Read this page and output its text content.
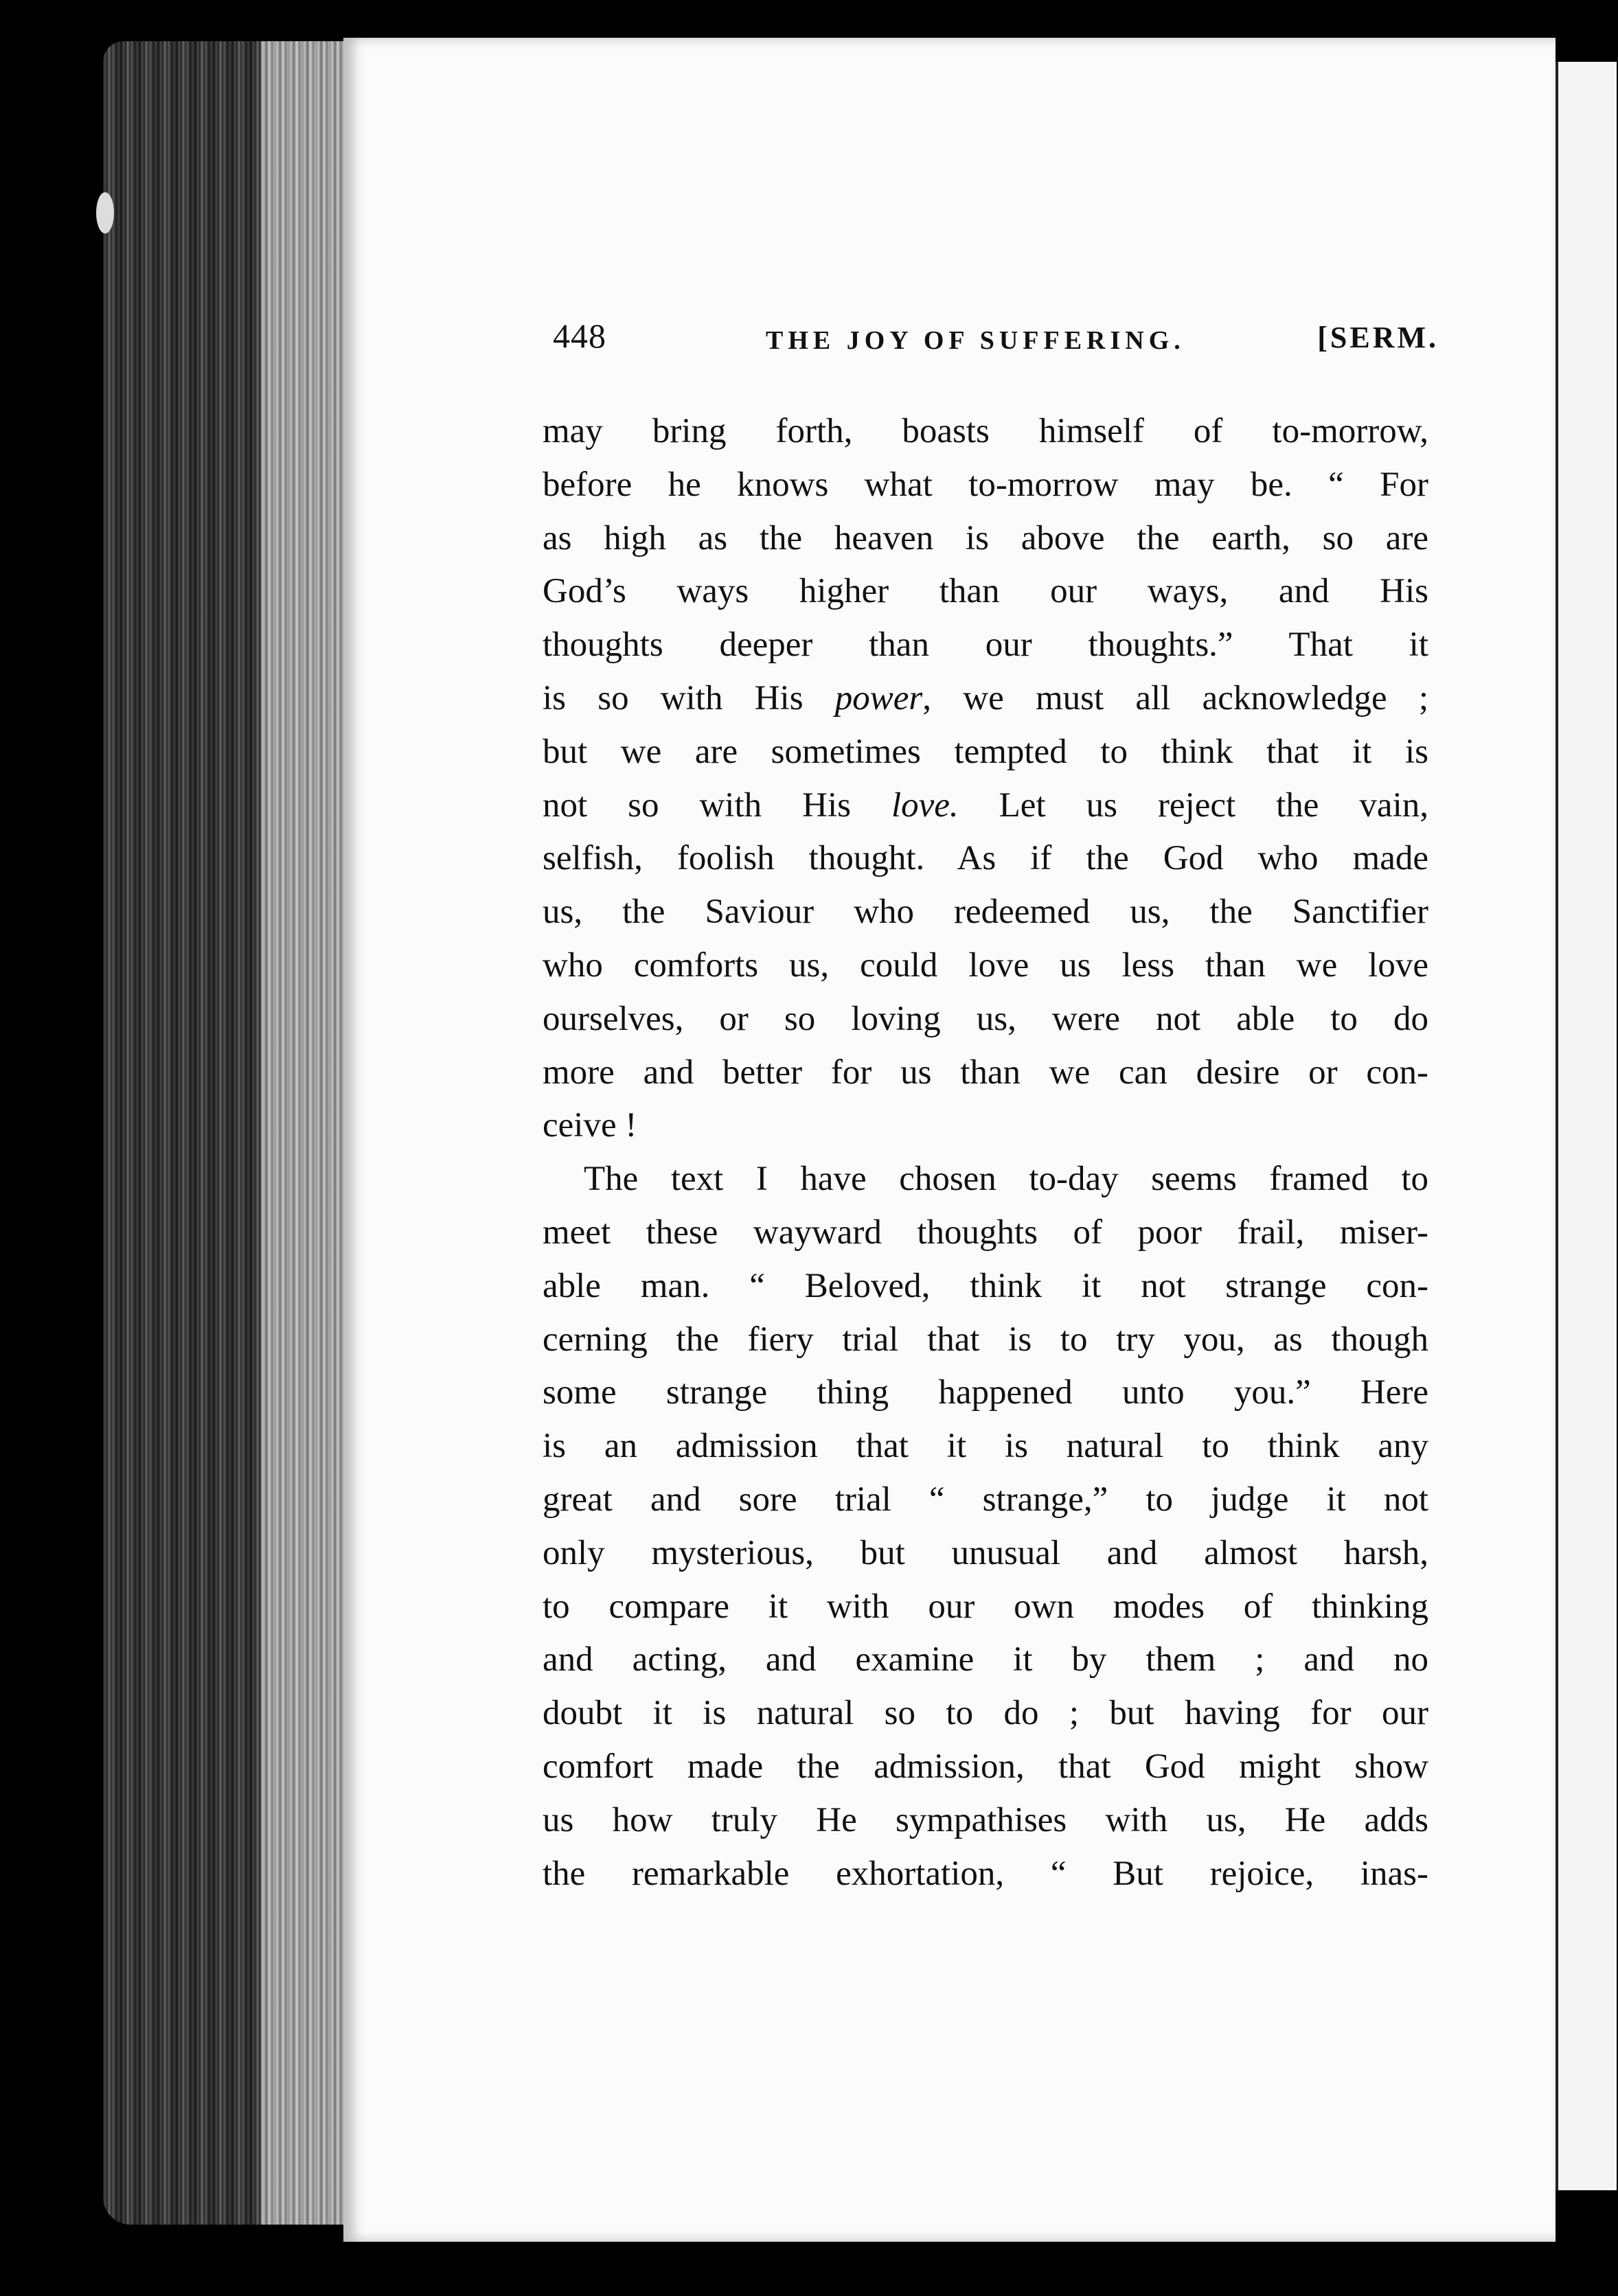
448	THE JOY OF SUFFERING.	[SERM.
may bring forth, boasts himself of to-morrow,
before he knows what to-morrow may be. “ For
as high as the heaven is above the earth, so are
God’s ways higher than our ways, and His
thoughts deeper than our thoughts.” That it
is so with His power, we must all acknowledge ;
but we are sometimes tempted to think that it is
not so with His love. Let us reject the vain,
selfish, foolish thought. As if the God who made
us, the Saviour who redeemed us, the Sanctifier
who comforts us, could love us less than we love
ourselves, or so loving us, were not able to do
more and better for us than we can desire or con-
ceive !
The text I have chosen to-day seems framed to
meet these wayward thoughts of poor frail, miser-
able man. “ Beloved, think it not strange con-
cerning the fiery trial that is to try you, as though
some strange thing happened unto you.” Here
is an admission that it is natural to think any
great and sore trial “ strange,” to judge it not
only mysterious, but unusual and almost harsh,
to compare it with our own modes of thinking
and acting, and examine it by them ; and no
doubt it is natural so to do ; but having for our
comfort made the admission, that God might show
us how truly He sympathises with us, He adds
the remarkable exhortation, “ But rejoice, inas-
